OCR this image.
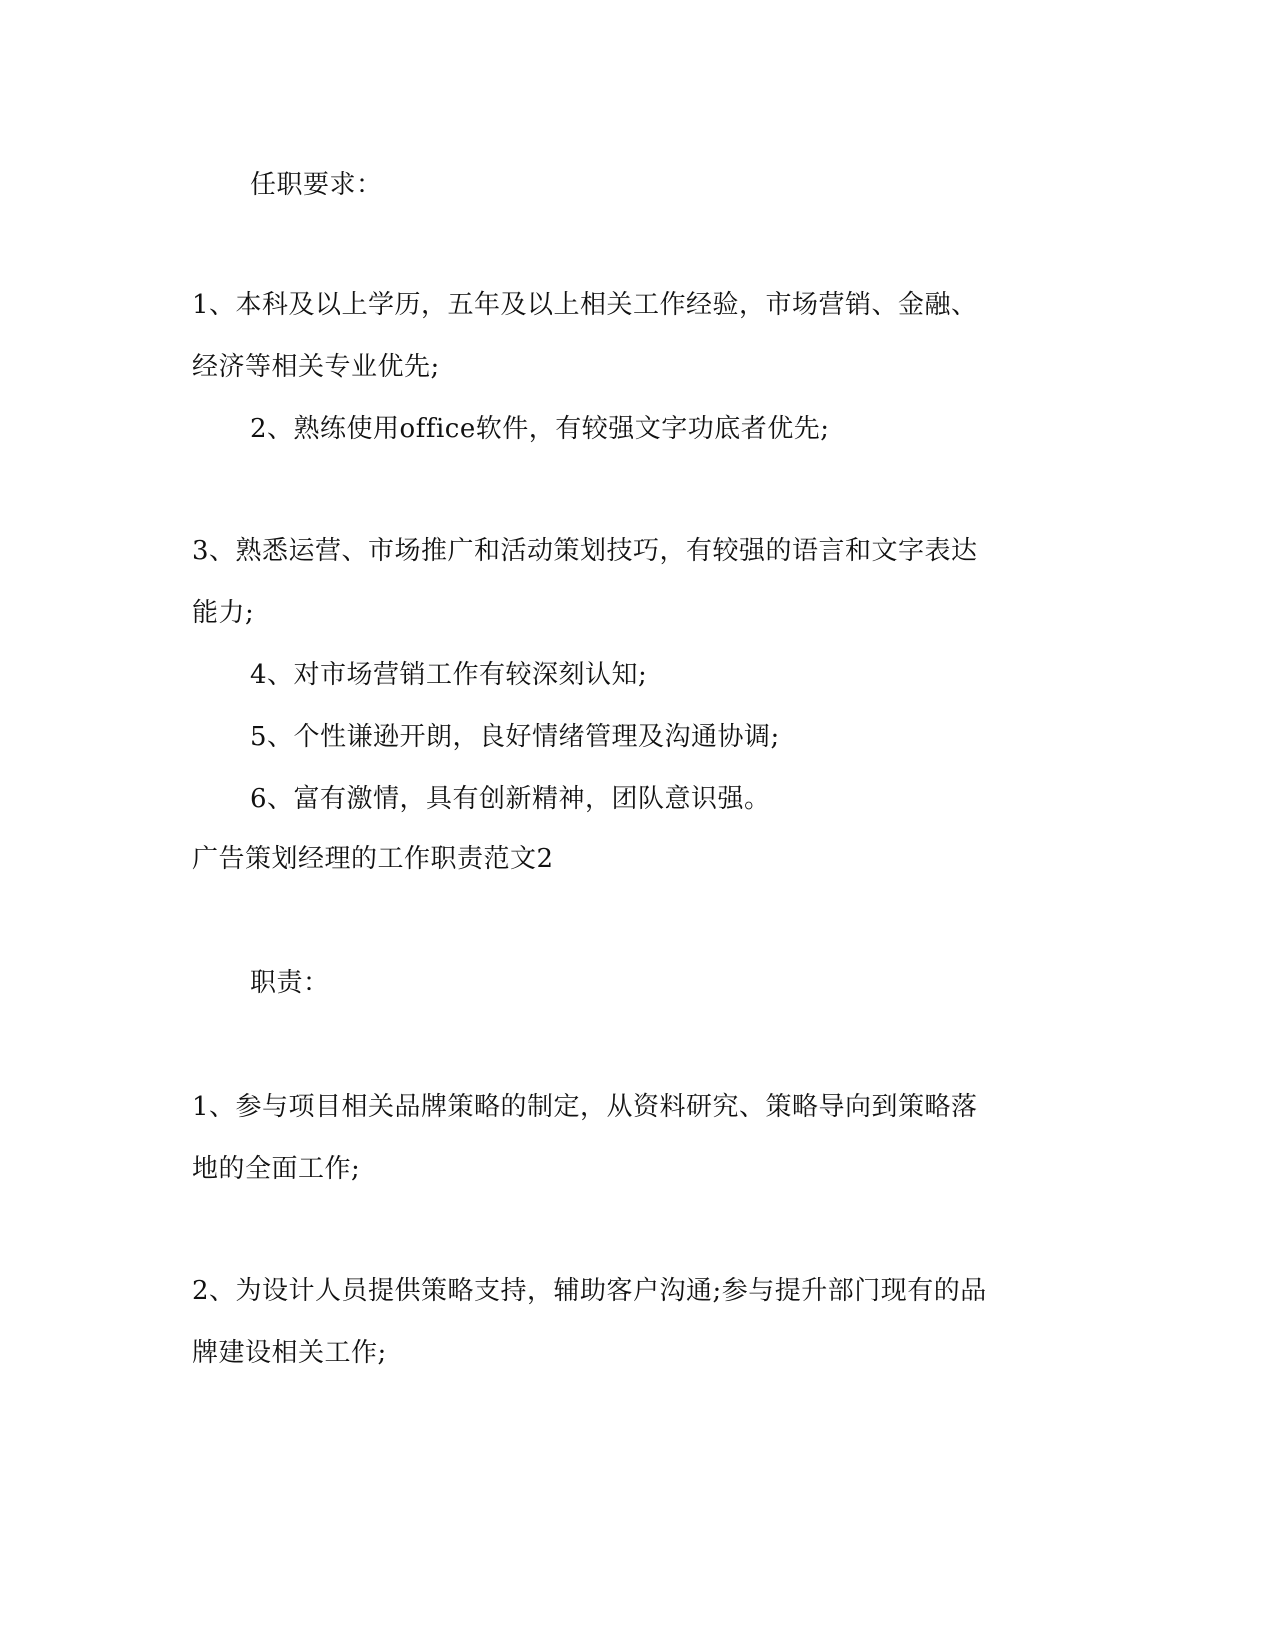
任职要求：
1、本科及以上学历，五年及以上相关工作经验，市场营销、金融、
经济等相关专业优先;
2、熟练使用office软件，有较强文字功底者优先;
3、熟悉运营、市场推广和活动策划技巧，有较强的语言和文字表达
能力;
4、对市场营销工作有较深刻认知;
5、个性谦逊开朗，良好情绪管理及沟通协调;
6、富有激情，具有创新精神，团队意识强。
广告策划经理的工作职责范文2
职责：
1、参与项目相关品牌策略的制定，从资料研究、策略导向到策略落
地的全面工作;
2、为设计人员提供策略支持，辅助客户沟通;参与提升部门现有的品
牌建设相关工作;
